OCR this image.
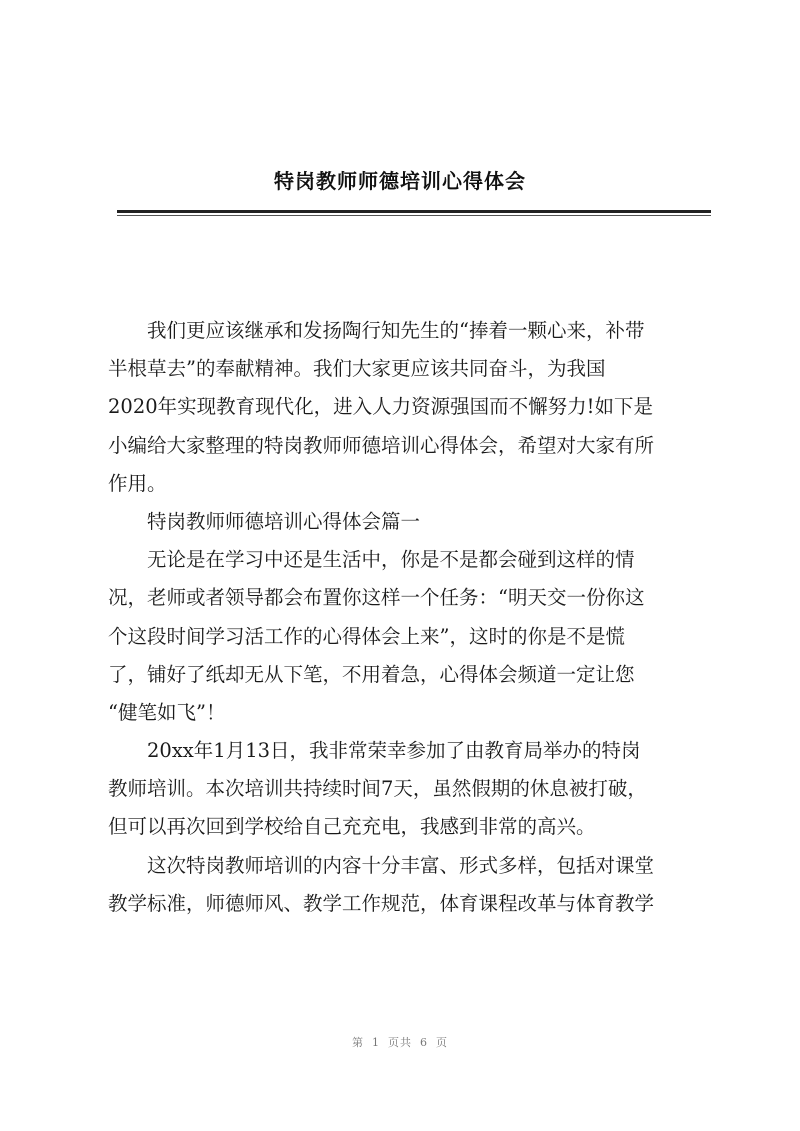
特岗教师师德培训心得体会
我们更应该继承和发扬陶行知先生的“捧着一颗心来，补带
半根草去”的奉献精神。我们大家更应该共同奋斗，为我国
2020年实现教育现代化，进入人力资源强国而不懈努力!如下是
小编给大家整理的特岗教师师德培训心得体会，希望对大家有所
作用。
特岗教师师德培训心得体会篇一
无论是在学习中还是生活中，你是不是都会碰到这样的情
况，老师或者领导都会布置你这样一个任务：“明天交一份你这
个这段时间学习活工作的心得体会上来”，这时的你是不是慌
了，铺好了纸却无从下笔，不用着急，心得体会频道一定让您
“健笔如飞”！
20xx年1月13日，我非常荣幸参加了由教育局举办的特岗
教师培训。本次培训共持续时间7天，虽然假期的休息被打破，
但可以再次回到学校给自己充充电，我感到非常的高兴。
这次特岗教师培训的内容十分丰富、形式多样，包括对课堂
教学标准，师德师风、教学工作规范，体育课程改革与体育教学
第 1 页共 6 页
